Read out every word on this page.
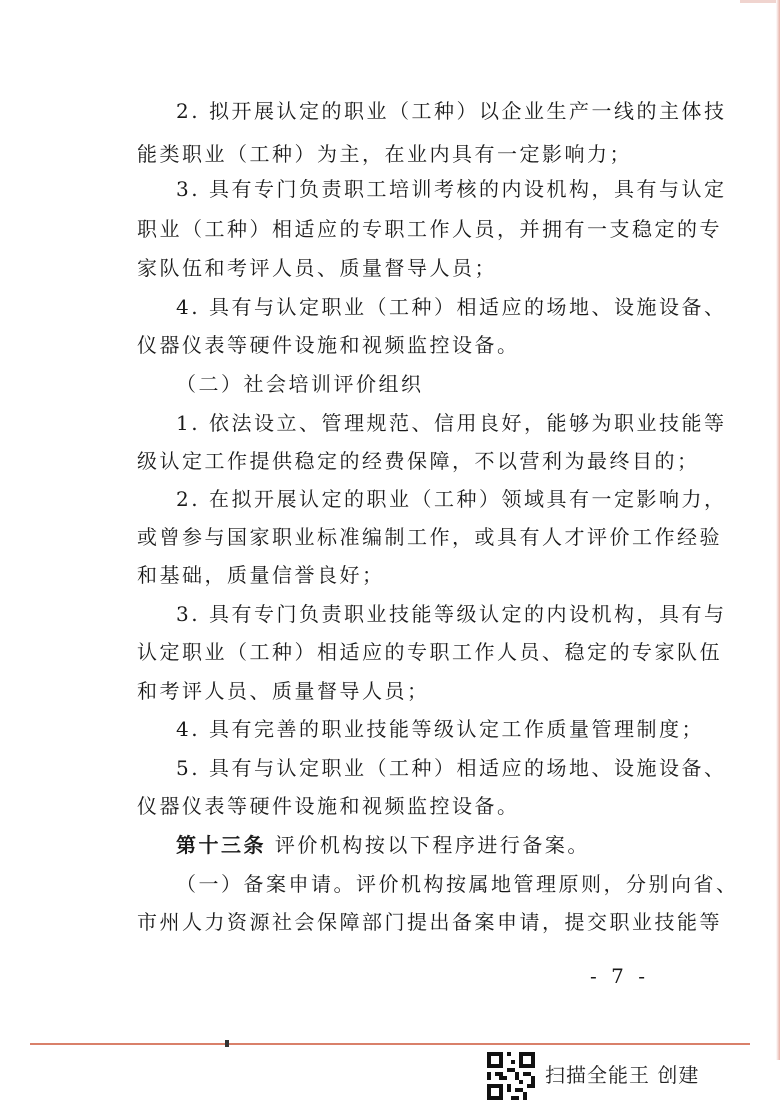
2. 拟开展认定的职业（工种）以企业生产一线的主体技
能类职业（工种）为主，在业内具有一定影响力；
3. 具有专门负责职工培训考核的内设机构，具有与认定
职业（工种）相适应的专职工作人员，并拥有一支稳定的专
家队伍和考评人员、质量督导人员；
4. 具有与认定职业（工种）相适应的场地、设施设备、
仪器仪表等硬件设施和视频监控设备。
（二）社会培训评价组织
1. 依法设立、管理规范、信用良好，能够为职业技能等
级认定工作提供稳定的经费保障，不以营利为最终目的；
2. 在拟开展认定的职业（工种）领域具有一定影响力，
或曾参与国家职业标准编制工作，或具有人才评价工作经验
和基础，质量信誉良好；
3. 具有专门负责职业技能等级认定的内设机构，具有与
认定职业（工种）相适应的专职工作人员、稳定的专家队伍
和考评人员、质量督导人员；
4. 具有完善的职业技能等级认定工作质量管理制度；
5. 具有与认定职业（工种）相适应的场地、设施设备、
仪器仪表等硬件设施和视频监控设备。
第十三条 评价机构按以下程序进行备案。
（一）备案申请。评价机构按属地管理原则，分别向省、
市州人力资源社会保障部门提出备案申请，提交职业技能等
- 7 -
扫描全能王 创建
